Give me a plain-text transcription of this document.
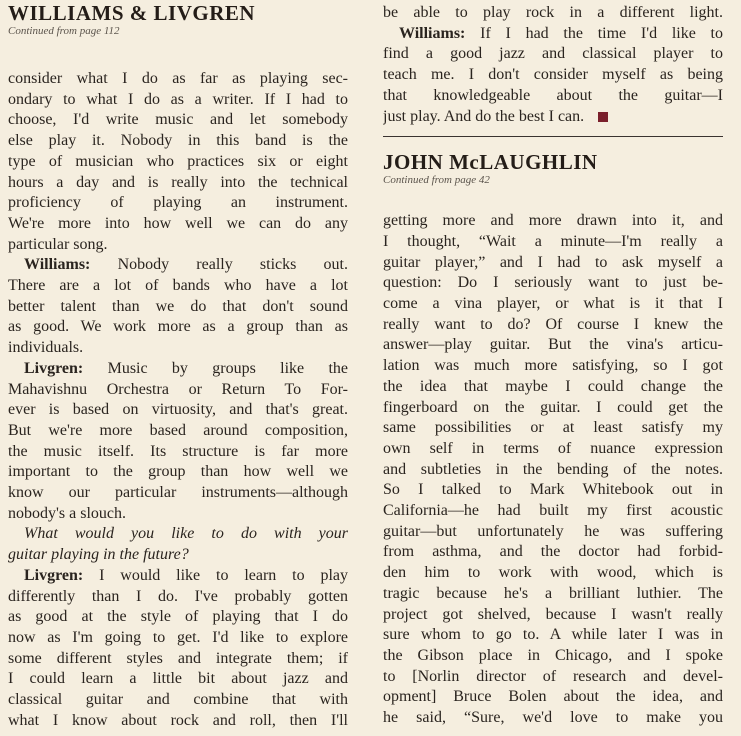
WILLIAMS & LIVGREN

Continued from page 112

consider what I do as far as playing sec-

ondary to what I do as a writer. If I had to

choose, I'd write music and let somebody

else play it. Nobody in this band is the

type of musician who practices six or eight

hours a day and is really into the technical

proficiency of playing an instrument.

We're more into how well we can do any

particular song.

Williams: Nobody really sticks out.

There are a lot of bands who have a lot

better talent than we do that don't sound

as good. We work more as a group than as

individuals.

Livgren: Music by groups like the

Mahavishnu Orchestra or Return To For-

ever is based on virtuosity, and that's great.

But we're more based around composition,

the music itself. Its structure is far more

important to the group than how well we

know our particular instruments—although

nobody's a slouch.

What would you like to do with your

guitar playing in the future?

Livgren: I would like to learn to play

differently than I do. I've probably gotten

as good at the style of playing that I do

now as I'm going to get. I'd like to explore

some different styles and integrate them; if

I could learn a little bit about jazz and

classical guitar and combine that with

what I know about rock and roll, then I'll

be able to play rock in a different light.

Williams: If I had the time I'd like to

find a good jazz and classical player to

teach me. I don't consider myself as being

that knowledgeable about the guitar—I

just play. And do the best I can.

JOHN McLAUGHLIN

Continued from page 42

getting more and more drawn into it, and

I thought, “Wait a minute—I'm really a

guitar player,” and I had to ask myself a

question: Do I seriously want to just be-

come a vina player, or what is it that I

really want to do? Of course I knew the

answer—play guitar. But the vina's articu-

lation was much more satisfying, so I got

the idea that maybe I could change the

fingerboard on the guitar. I could get the

same possibilities or at least satisfy my

own self in terms of nuance expression

and subtleties in the bending of the notes.

So I talked to Mark Whitebook out in

California—he had built my first acoustic

guitar—but unfortunately he was suffering

from asthma, and the doctor had forbid-

den him to work with wood, which is

tragic because he's a brilliant luthier. The

project got shelved, because I wasn't really

sure whom to go to. A while later I was in

the Gibson place in Chicago, and I spoke

to [Norlin director of research and devel-

opment] Bruce Bolen about the idea, and

he said, “Sure, we'd love to make you
